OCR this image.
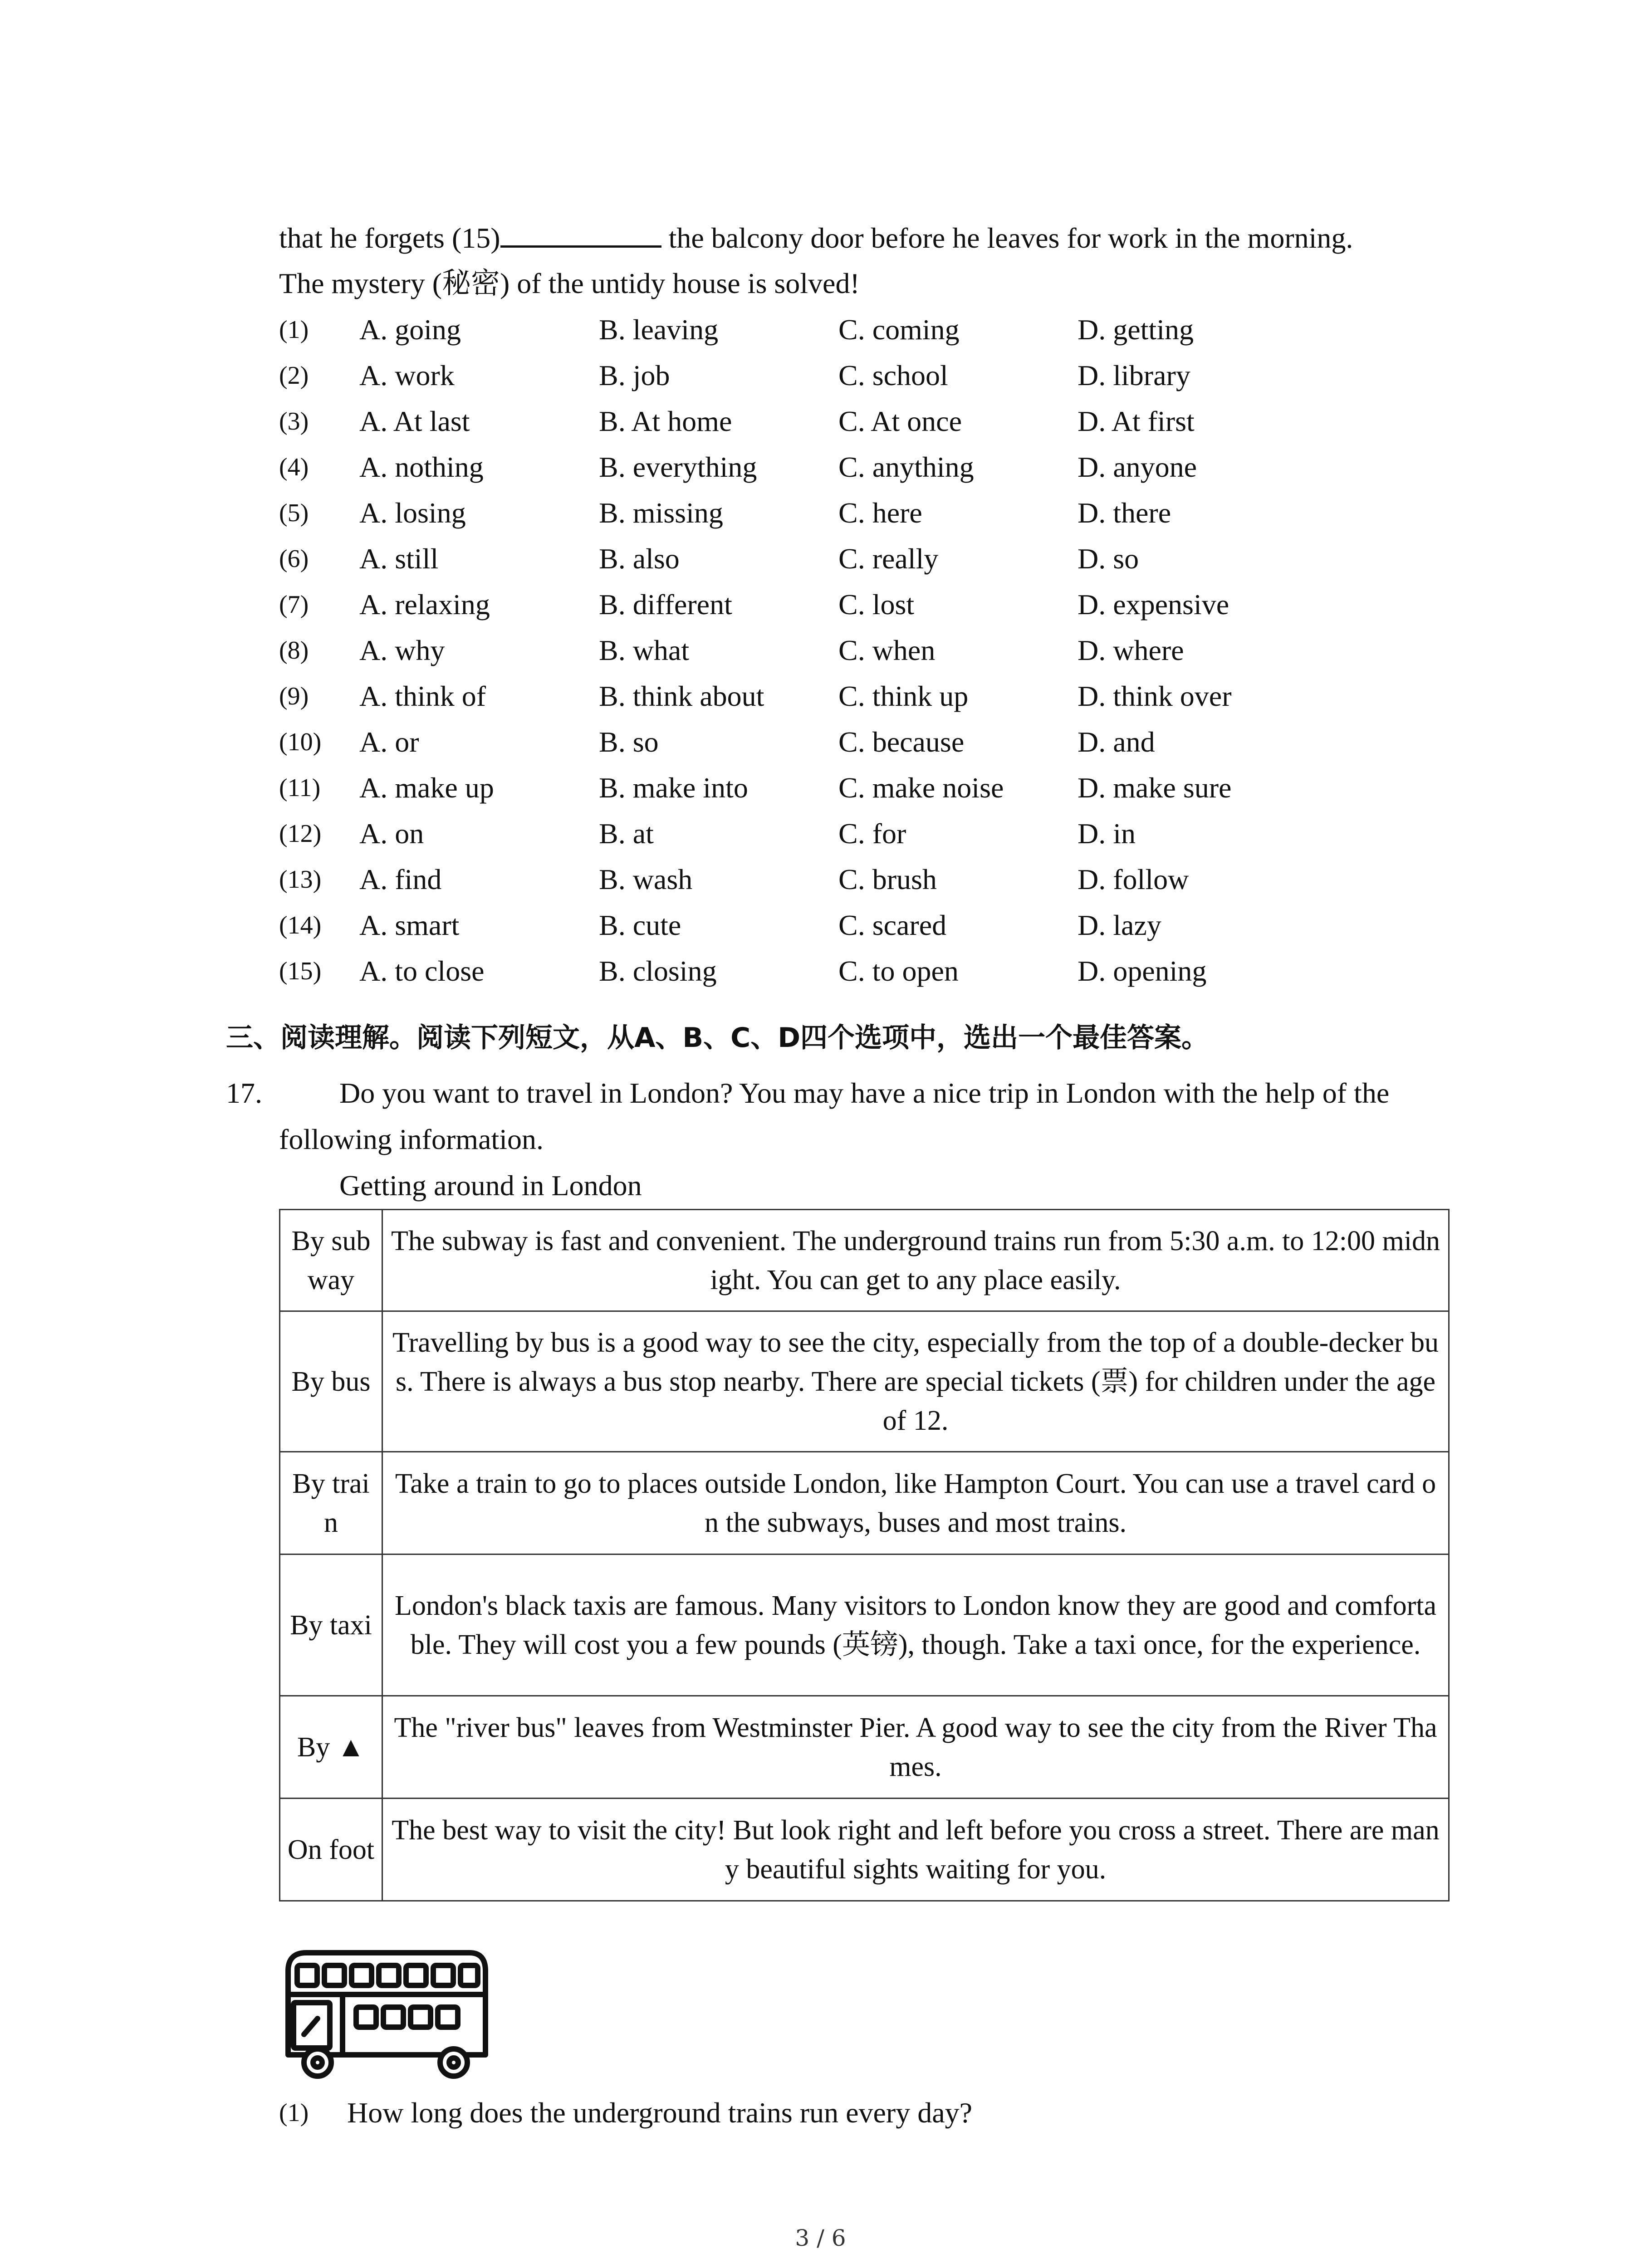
that he forgets (15)	the balcony door before he leaves for work in the morning.
The mystery (秘密) of the untidy house is solved!
(1) A. going	B. leaving	C. coming	D. getting
(2) A. work	B. job	C. school	D. library
(3) A. At last	B. At home	C. At once	D. At first
(4) A. nothing	B. everything	C. anything	D. anyone
(5) A. losing	B. missing	C. here	D. there
(6) A. still	B. also	C. really	D. so
(7) A. relaxing	B. different	C. lost	D. expensive
(8) A. why	B. what	C. when	D. where
(9) A. think of	B. think about	C. think up	D. think over
(10) A. or	B. so	C. because	D. and
(11) A. make up	B. make into	C. make noise	D. make sure
(12) A. on	B. at	C. for	D. in
(13) A. find	B. wash	C. brush	D. follow
(14) A. smart	B. cute	C. scared	D. lazy
(15) A. to close	B. closing	C. to open	D. opening
三、阅读理解。阅读下列短文，从A、B、C、D四个选项中，选出一个最佳答案。
17.	Do you want to travel in London? You may have a nice trip in London with the help of the
following information.
Getting around in London
By subway	The subway is fast and convenient. The underground trains run from 5:30 a.m. to 12:00 midnight. You can get to any place easily.
By bus	Travelling by bus is a good way to see the city, especially from the top of a double-decker bus. There is always a bus stop nearby. There are special tickets (票) for children under the age of 12.
By train	Take a train to go to places outside London, like Hampton Court. You can use a travel card on the subways, buses and most trains.
By taxi	London's black taxis are famous. Many visitors to London know they are good and comfortable. They will cost you a few pounds (英镑), though. Take a taxi once, for the experience.
By ▲	The "river bus" leaves from Westminster Pier. A good way to see the city from the River Thames.
On foot	The best way to visit the city! But look right and left before you cross a street. There are many beautiful sights waiting for you.
(1) How long does the underground trains run every day?
3 / 6
